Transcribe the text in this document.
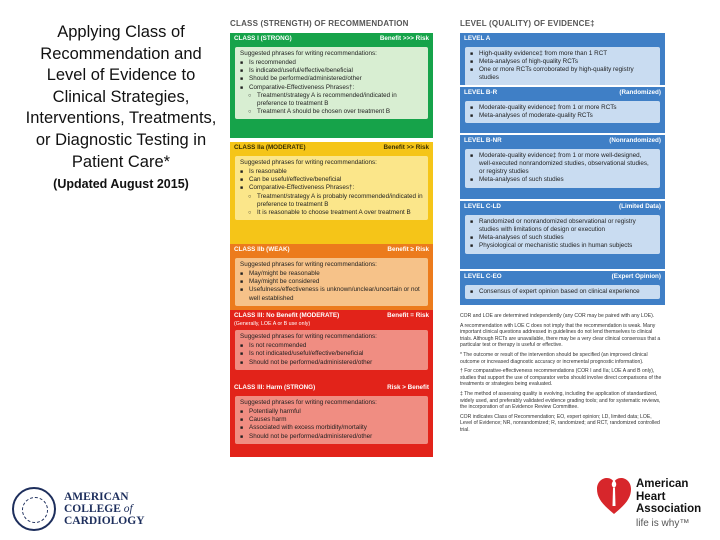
Applying Class of Recommendation and Level of Evidence to Clinical Strategies, Interventions, Treatments, or Diagnostic Testing in Patient Care*
(Updated August 2015)
CLASS (STRENGTH) OF RECOMMENDATION
CLASS I (STRONG)	Benefit >>> Risk
Suggested phrases for writing recommendations:
■ Is recommended
■ Is indicated/useful/effective/beneficial
■ Should be performed/administered/other
■ Comparative-Effectiveness Phrases†:
○ Treatment/strategy A is recommended/indicated in preference to treatment B
○ Treatment A should be chosen over treatment B
CLASS IIa (MODERATE)	Benefit >> Risk
Suggested phrases for writing recommendations:
■ Is reasonable
■ Can be useful/effective/beneficial
■ Comparative-Effectiveness Phrases†:
○ Treatment/strategy A is probably recommended/indicated in preference to treatment B
○ It is reasonable to choose treatment A over treatment B
CLASS IIb (WEAK)	Benefit ≥ Risk
Suggested phrases for writing recommendations:
■ May/might be reasonable
■ May/might be considered
■ Usefulness/effectiveness is unknown/unclear/uncertain or not well established
CLASS III: No Benefit (MODERATE)	Benefit = Risk
(Generally, LOE A or B use only)
Suggested phrases for writing recommendations:
■ Is not recommended
■ Is not indicated/useful/effective/beneficial
■ Should not be performed/administered/other
CLASS III: Harm (STRONG)	Risk > Benefit
Suggested phrases for writing recommendations:
■ Potentially harmful
■ Causes harm
■ Associated with excess morbidity/mortality
■ Should not be performed/administered/other
LEVEL (QUALITY) OF EVIDENCE‡
LEVEL A
■ High-quality evidence‡ from more than 1 RCT
■ Meta-analyses of high-quality RCTs
■ One or more RCTs corroborated by high-quality registry studies
LEVEL B-R	(Randomized)
■ Moderate-quality evidence‡ from 1 or more RCTs
■ Meta-analyses of moderate-quality RCTs
LEVEL B-NR	(Nonrandomized)
■ Moderate-quality evidence‡ from 1 or more well-designed, well-executed nonrandomized studies, observational studies, or registry studies
■ Meta-analyses of such studies
LEVEL C-LD	(Limited Data)
■ Randomized or nonrandomized observational or registry studies with limitations of design or execution
■ Meta-analyses of such studies
■ Physiological or mechanistic studies in human subjects
LEVEL C-EO	(Expert Opinion)
■ Consensus of expert opinion based on clinical experience

COR and LOE are determined independently (any COR may be paired with any LOE).

A recommendation with LOE C does not imply that the recommendation is weak. Many important clinical questions addressed in guidelines do not lend themselves to clinical trials. Although RCTs are unavailable, there may be a very clear clinical consensus that a particular test or therapy is useful or effective.

* The outcome or result of the intervention should be specified (an improved clinical outcome or increased diagnostic accuracy or incremental prognostic information).

† For comparative-effectiveness recommendations (COR I and IIa; LOE A and B only), studies that support the use of comparator verbs should involve direct comparisons of the treatments or strategies being evaluated.

‡ The method of assessing quality is evolving, including the application of standardized, widely used, and preferably validated evidence grading tools; and for systematic reviews, the incorporation of an Evidence Review Committee.

COR indicates Class of Recommendation; EO, expert opinion; LD, limited data; LOE, Level of Evidence; NR, nonrandomized; R, randomized; and RCT, randomized controlled trial.

AMERICAN
COLLEGE of
CARDIOLOGY
American
Heart
Association
life is why™
